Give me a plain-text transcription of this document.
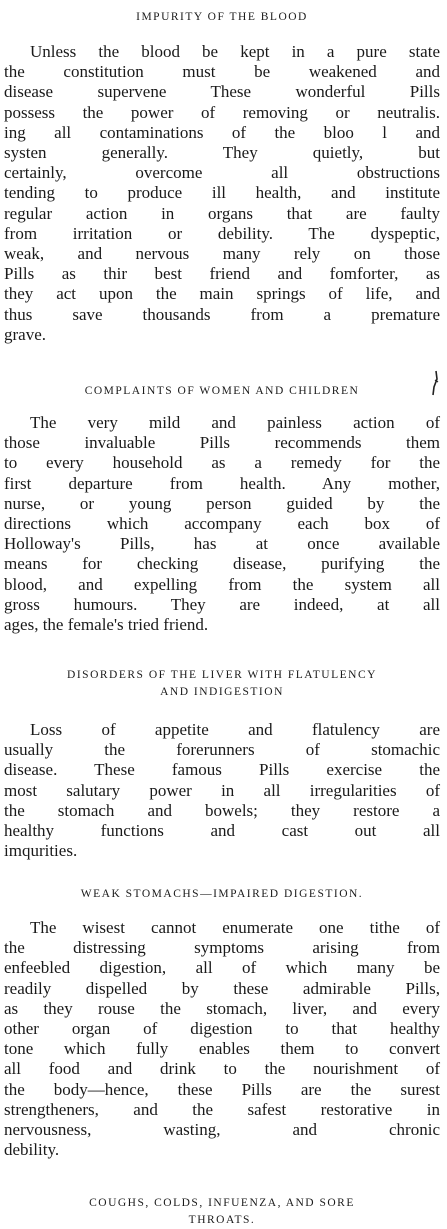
IMPURITY OF THE BLOOD
Unless the blood be kept in a pure state
the constitution must be weakened and
disease supervene These wonderful Pills
possess the power of removing or neutralis.
ing all contaminations of the bloo l and
systen generally. They quietly, but
certainly, overcome all obstructions
tending to produce ill health, and institute
regular action in organs that are faulty
from irritation or debility. The dyspeptic,
weak, and nervous many rely on those
Pills as thir best friend and fomforter, as
they act upon the main springs of life, and
thus save thousands from a premature
grave.
COMPLAINTS OF WOMEN AND CHILDREN
The very mild and painless action of
those invaluable Pills recommends them
to every household as a remedy for the
first departure from health. Any mother,
nurse, or young person guided by the
directions which accompany each box of
Holloway's Pills, has at once available
means for checking disease, purifying the
blood, and expelling from the system all
gross humours. They are indeed, at all
ages, the female's tried friend.
DISORDERS OF THE LIVER WITH FLATULENCY
AND INDIGESTION
Loss of appetite and flatulency are
usually the forerunners of stomachic
disease. These famous Pills exercise the
most salutary power in all irregularities of
the stomach and bowels; they restore a
healthy functions and cast out all
imqurities.
WEAK STOMACHS—IMPAIRED DIGESTION.
The wisest cannot enumerate one tithe of
the distressing symptoms arising from
enfeebled digestion, all of which many be
readily dispelled by these admirable Pills,
as they rouse the stomach, liver, and every
other organ of digestion to that healthy
tone which fully enables them to convert
all food and drink to the nourishment of
the body—hence, these Pills are the surest
strengtheners, and the safest restorative in
nervousness, wasting, and chronic
debility.
COUGHS, COLDS, INFUENZA, AND SORE
THROATS.
